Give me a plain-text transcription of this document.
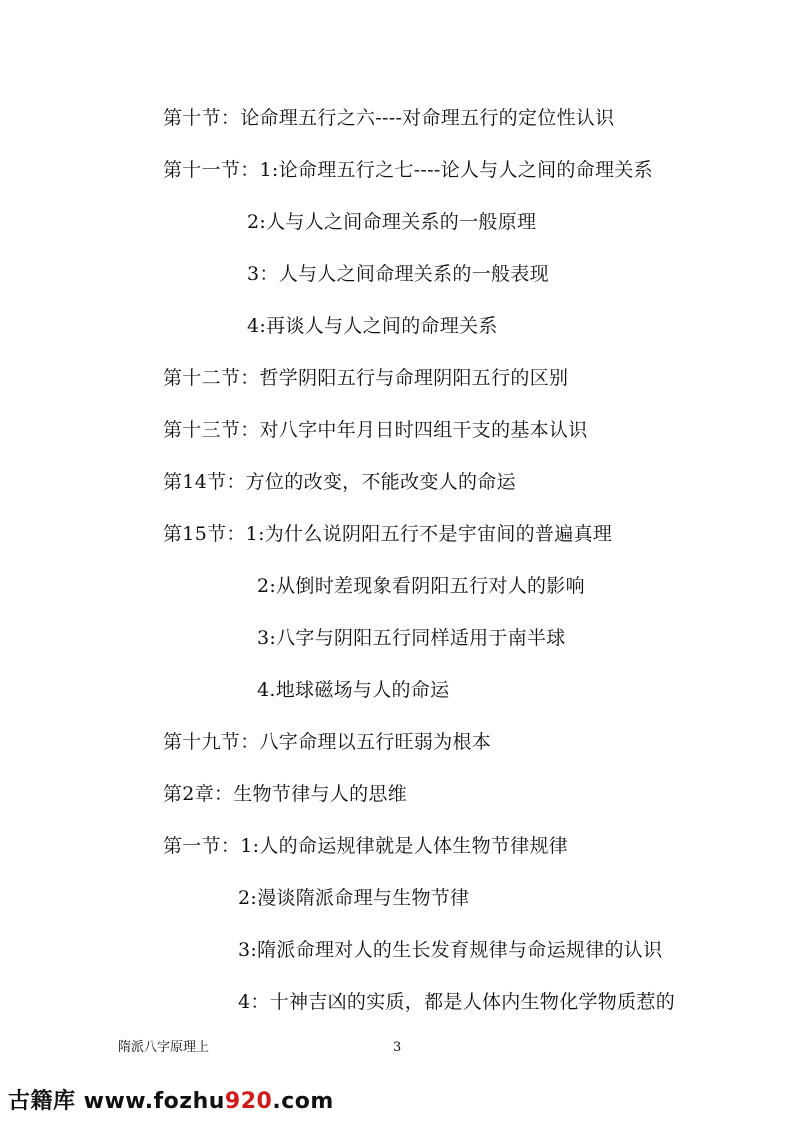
第十节：论命理五行之六----对命理五行的定位性认识
第十一节：1:论命理五行之七----论人与人之间的命理关系
2:人与人之间命理关系的一般原理
3：人与人之间命理关系的一般表现
4:再谈人与人之间的命理关系
第十二节：哲学阴阳五行与命理阴阳五行的区别
第十三节：对八字中年月日时四组干支的基本认识
第14节：方位的改变，不能改变人的命运
第15节：1:为什么说阴阳五行不是宇宙间的普遍真理
2:从倒时差现象看阴阳五行对人的影响
3:八字与阴阳五行同样适用于南半球
4.地球磁场与人的命运
第十九节：八字命理以五行旺弱为根本
第2章：生物节律与人的思维
第一节：1:人的命运规律就是人体生物节律规律
2:漫谈隋派命理与生物节律
3:隋派命理对人的生长发育规律与命运规律的认识
4：十神吉凶的实质，都是人体内生物化学物质惹的
隋派八字原理上	3
古籍库 www.fozhu920.com
